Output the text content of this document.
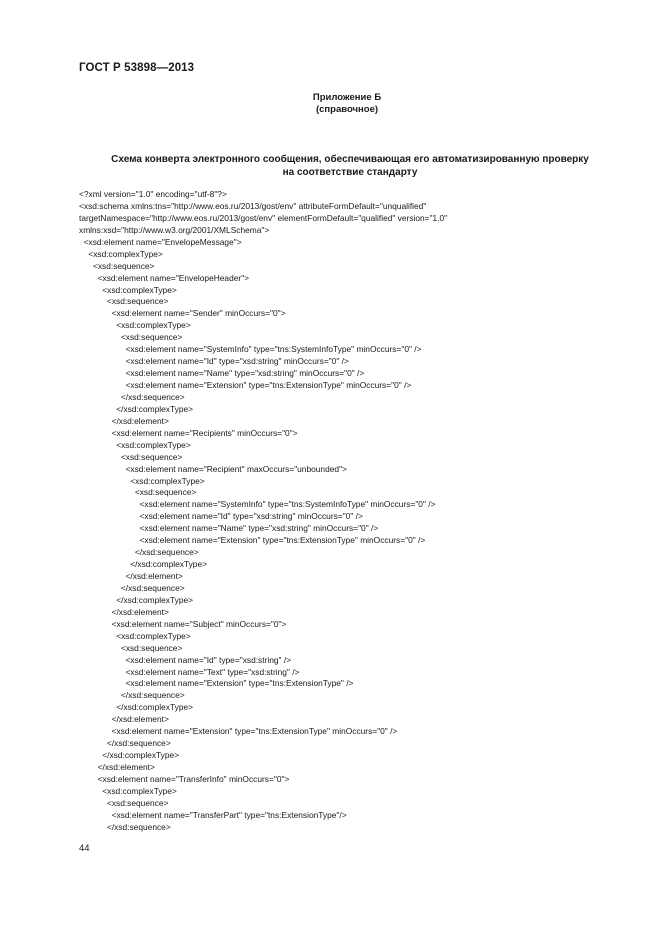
ГОСТ Р 53898—2013
Приложение Б
(справочное)
Схема конверта электронного сообщения, обеспечивающая его автоматизированную проверку
на соответствие стандарту
<?xml version="1.0" encoding="utf-8"?>
<xsd:schema xmlns:tns="http://www.eos.ru/2013/gost/env" attributeFormDefault="unqualified"
targetNamespace="http://www.eos.ru/2013/gost/env" elementFormDefault="qualified" version="1.0"
xmlns:xsd="http://www.w3.org/2001/XMLSchema">
<xsd:element name="EnvelopeMessage">
<xsd:complexType>
<xsd:sequence>
<xsd:element name="EnvelopeHeader">
<xsd:complexType>
<xsd:sequence>
<xsd:element name="Sender" minOccurs="0">
<xsd:complexType>
<xsd:sequence>
<xsd:element name="SystemInfo" type="tns:SystemInfoType" minOccurs="0" />
<xsd:element name="Id" type="xsd:string" minOccurs="0" />
<xsd:element name="Name" type="xsd:string" minOccurs="0" />
<xsd:element name="Extension" type="tns:ExtensionType" minOccurs="0" />
</xsd:sequence>
</xsd:complexType>
</xsd:element>
<xsd:element name="Recipients" minOccurs="0">
<xsd:complexType>
<xsd:sequence>
<xsd:element name="Recipient" maxOccurs="unbounded">
<xsd:complexType>
<xsd:sequence>
<xsd:element name="SystemInfo" type="tns:SystemInfoType" minOccurs="0" />
<xsd:element name="Id" type="xsd:string" minOccurs="0" />
<xsd:element name="Name" type="xsd:string" minOccurs="0" />
<xsd:element name="Extension" type="tns:ExtensionType" minOccurs="0" />
</xsd:sequence>
</xsd:complexType>
</xsd:element>
</xsd:sequence>
</xsd:complexType>
</xsd:element>
<xsd:element name="Subject" minOccurs="0">
<xsd:complexType>
<xsd:sequence>
<xsd:element name="Id" type="xsd:string" />
<xsd:element name="Text" type="xsd:string" />
<xsd:element name="Extension" type="tns:ExtensionType" />
</xsd:sequence>
</xsd:complexType>
</xsd:element>
<xsd:element name="Extension" type="tns:ExtensionType" minOccurs="0" />
</xsd:sequence>
</xsd:complexType>
</xsd:element>
<xsd:element name="TransferInfo" minOccurs="0">
<xsd:complexType>
<xsd:sequence>
<xsd:element name="TransferPart" type="tns:ExtensionType"/>
</xsd:sequence>
44
